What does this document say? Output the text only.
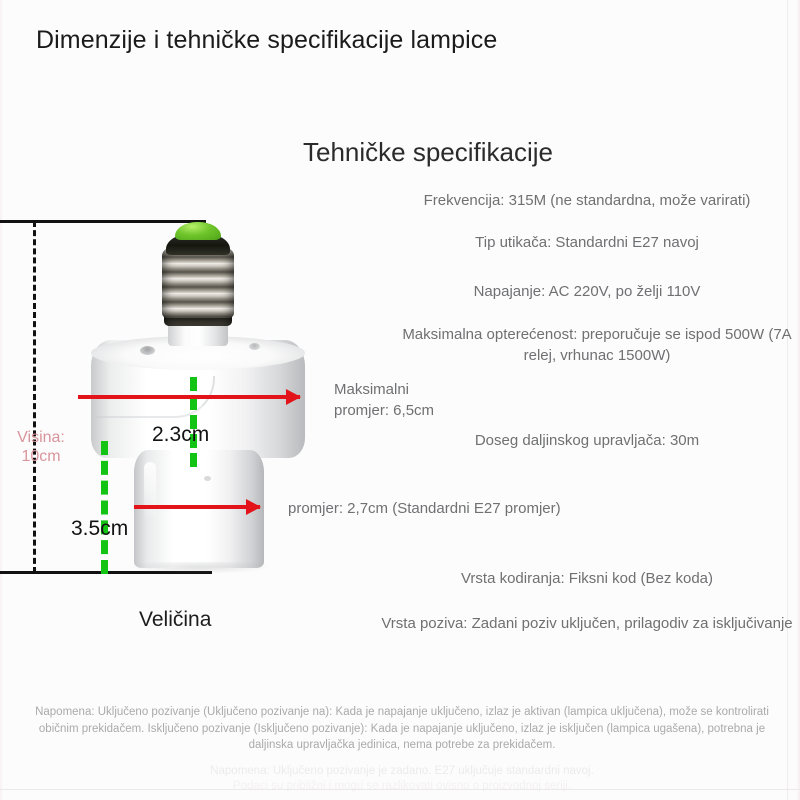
Dimenzije i tehničke specifikacije lampice
Visina:
10cm
2.3cm
3.5cm
Maksimalni
promjer: 6,5cm
promjer: 2,7cm (Standardni E27 promjer)
Veličina
Tehničke specifikacije
Frekvencija: 315M (ne standardna, može varirati)
Tip utikača: Standardni E27 navoj
Napajanje: AC 220V, po želji 110V
Maksimalna opterećenost: preporučuje se ispod 500W (7A relej, vrhunac 1500W)
Doseg daljinskog upravljača: 30m
Vrsta kodiranja: Fiksni kod (Bez koda)
Vrsta poziva: Zadani poziv uključen, prilagodiv za isključivanje
Napomena: Uključeno pozivanje (Uključeno pozivanje na): Kada je napajanje uključeno, izlaz je aktivan (lampica uključena), može se kontrolirati običnim prekidačem. Isključeno pozivanje (Isključeno pozivanje): Kada je napajanje uključeno, izlaz je isključen (lampica ugašena), potrebna je daljinska upravljačka jedinica, nema potrebe za prekidačem.
Napomena: Uključeno pozivanje je zadano. E27 uključuje standardni navoj.
Podaci su približni i mogu se razlikovati ovisno o proizvodnoj seriji.
